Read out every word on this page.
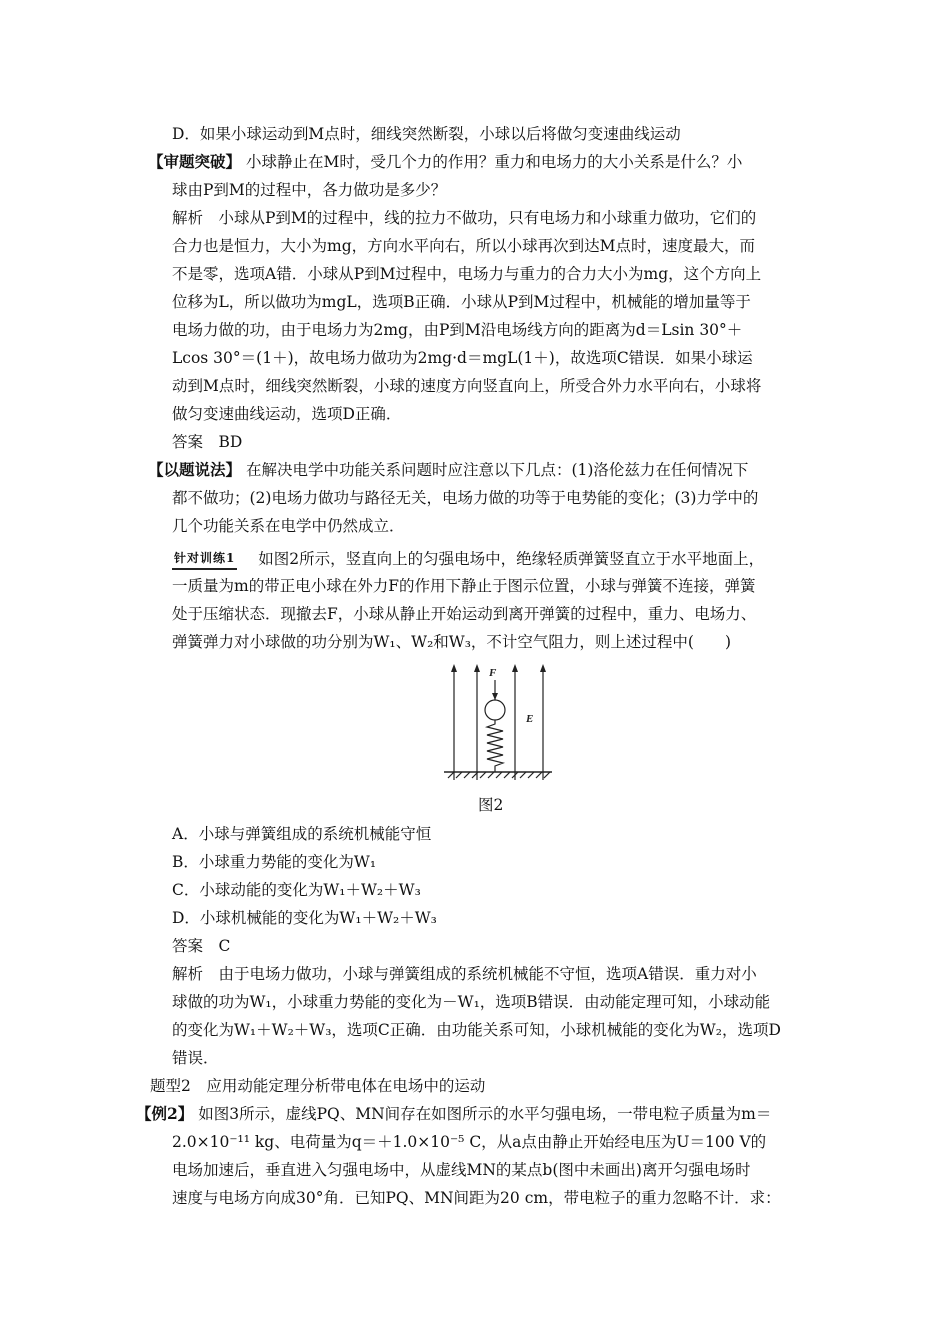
D．如果小球运动到M点时，细线突然断裂，小球以后将做匀变速曲线运动
【审题突破】 小球静止在M时，受几个力的作用？重力和电场力的大小关系是什么？小
球由P到M的过程中，各力做功是多少？
解析　小球从P到M的过程中，线的拉力不做功，只有电场力和小球重力做功，它们的
合力也是恒力，大小为mg，方向水平向右，所以小球再次到达M点时，速度最大，而
不是零，选项A错．小球从P到M过程中，电场力与重力的合力大小为mg，这个方向上
位移为L，所以做功为mgL，选项B正确．小球从P到M过程中，机械能的增加量等于
电场力做的功，由于电场力为2mg，由P到M沿电场线方向的距离为d＝Lsin 30°＋
Lcos 30°＝(1＋)，故电场力做功为2mg·d＝mgL(1＋)，故选项C错误．如果小球运
动到M点时，细线突然断裂，小球的速度方向竖直向上，所受合外力水平向右，小球将
做匀变速曲线运动，选项D正确．
答案　BD
【以题说法】 在解决电学中功能关系问题时应注意以下几点：(1)洛伦兹力在任何情况下
都不做功；(2)电场力做功与路径无关，电场力做的功等于电势能的变化；(3)力学中的
几个功能关系在电学中仍然成立．
针对训练1 如图2所示，竖直向上的匀强电场中，绝缘轻质弹簧竖直立于水平地面上，
一质量为m的带正电小球在外力F的作用下静止于图示位置，小球与弹簧不连接，弹簧
处于压缩状态．现撤去F，小球从静止开始运动到离开弹簧的过程中，重力、电场力、
弹簧弹力对小球做的功分别为W₁、W₂和W₃，不计空气阻力，则上述过程中(　　)
F
E
图2
A．小球与弹簧组成的系统机械能守恒
B．小球重力势能的变化为W₁
C．小球动能的变化为W₁＋W₂＋W₃
D．小球机械能的变化为W₁＋W₂＋W₃
答案　C
解析　由于电场力做功，小球与弹簧组成的系统机械能不守恒，选项A错误．重力对小
球做的功为W₁，小球重力势能的变化为－W₁，选项B错误．由动能定理可知，小球动能
的变化为W₁＋W₂＋W₃，选项C正确．由功能关系可知，小球机械能的变化为W₂，选项D
错误．
题型2　应用动能定理分析带电体在电场中的运动
【例2】 如图3所示，虚线PQ、MN间存在如图所示的水平匀强电场，一带电粒子质量为m＝
2.0×10⁻¹¹ kg、电荷量为q＝＋1.0×10⁻⁵ C，从a点由静止开始经电压为U＝100 V的
电场加速后，垂直进入匀强电场中，从虚线MN的某点b(图中未画出)离开匀强电场时
速度与电场方向成30°角．已知PQ、MN间距为20 cm，带电粒子的重力忽略不计．求：
